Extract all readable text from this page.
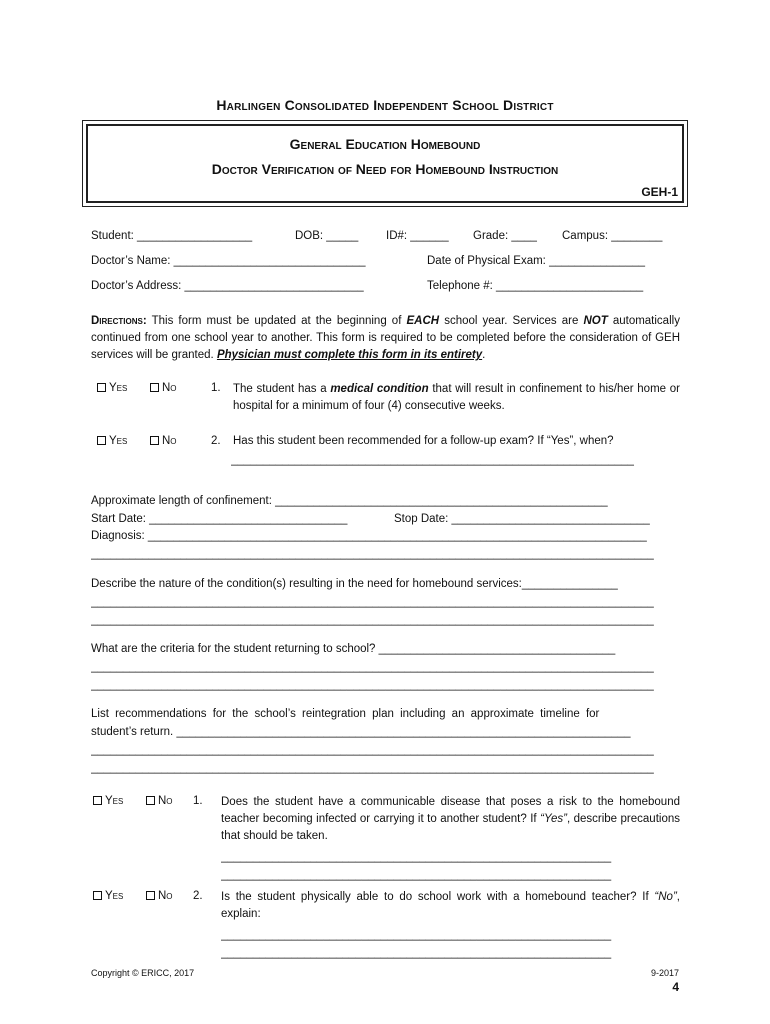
Harlingen Consolidated Independent School District
General Education Homebound
Doctor Verification of Need for Homebound Instruction
GEH-1
Student: __________________	DOB: _____ ID#: ______ Grade: ____ Campus: ________
Doctor’s Name: ______________________________	Date of Physical Exam: _______________
Doctor’s Address: ____________________________	Telephone #: _______________________
Directions: This form must be updated at the beginning of EACH school year. Services are NOT automatically continued from one school year to another. This form is required to be completed before the consideration of GEH services will be granted. Physician must complete this form in its entirety.
Yes	No	1. The student has a medical condition that will result in confinement to his/her home or hospital for a minimum of four (4) consecutive weeks.
Yes	No	2. Has this student been recommended for a follow-up exam? If “Yes”, when?
_______________________________________________________________
Approximate length of confinement: ____________________________________________________
Start Date: _______________________________	Stop Date: _______________________________
Diagnosis: ______________________________________________________________________________
________________________________________________________________________________________
Describe the nature of the condition(s) resulting in the need for homebound services:_______________
________________________________________________________________________________________
________________________________________________________________________________________
What are the criteria for the student returning to school? _____________________________________
________________________________________________________________________________________
________________________________________________________________________________________
List recommendations for the school’s reintegration plan including an approximate timeline for
student’s return. _______________________________________________________________________
________________________________________________________________________________________
________________________________________________________________________________________
Yes	No 1. Does the student have a communicable disease that poses a risk to the homebound teacher becoming infected or carrying it to another student? If “Yes”, describe precautions that should be taken.
_____________________________________________________________
_____________________________________________________________
Yes	No 2. Is the student physically able to do school work with a homebound teacher? If “No”, explain:
_____________________________________________________________
_____________________________________________________________
Copyright © ERICC, 2017	9-2017
4
